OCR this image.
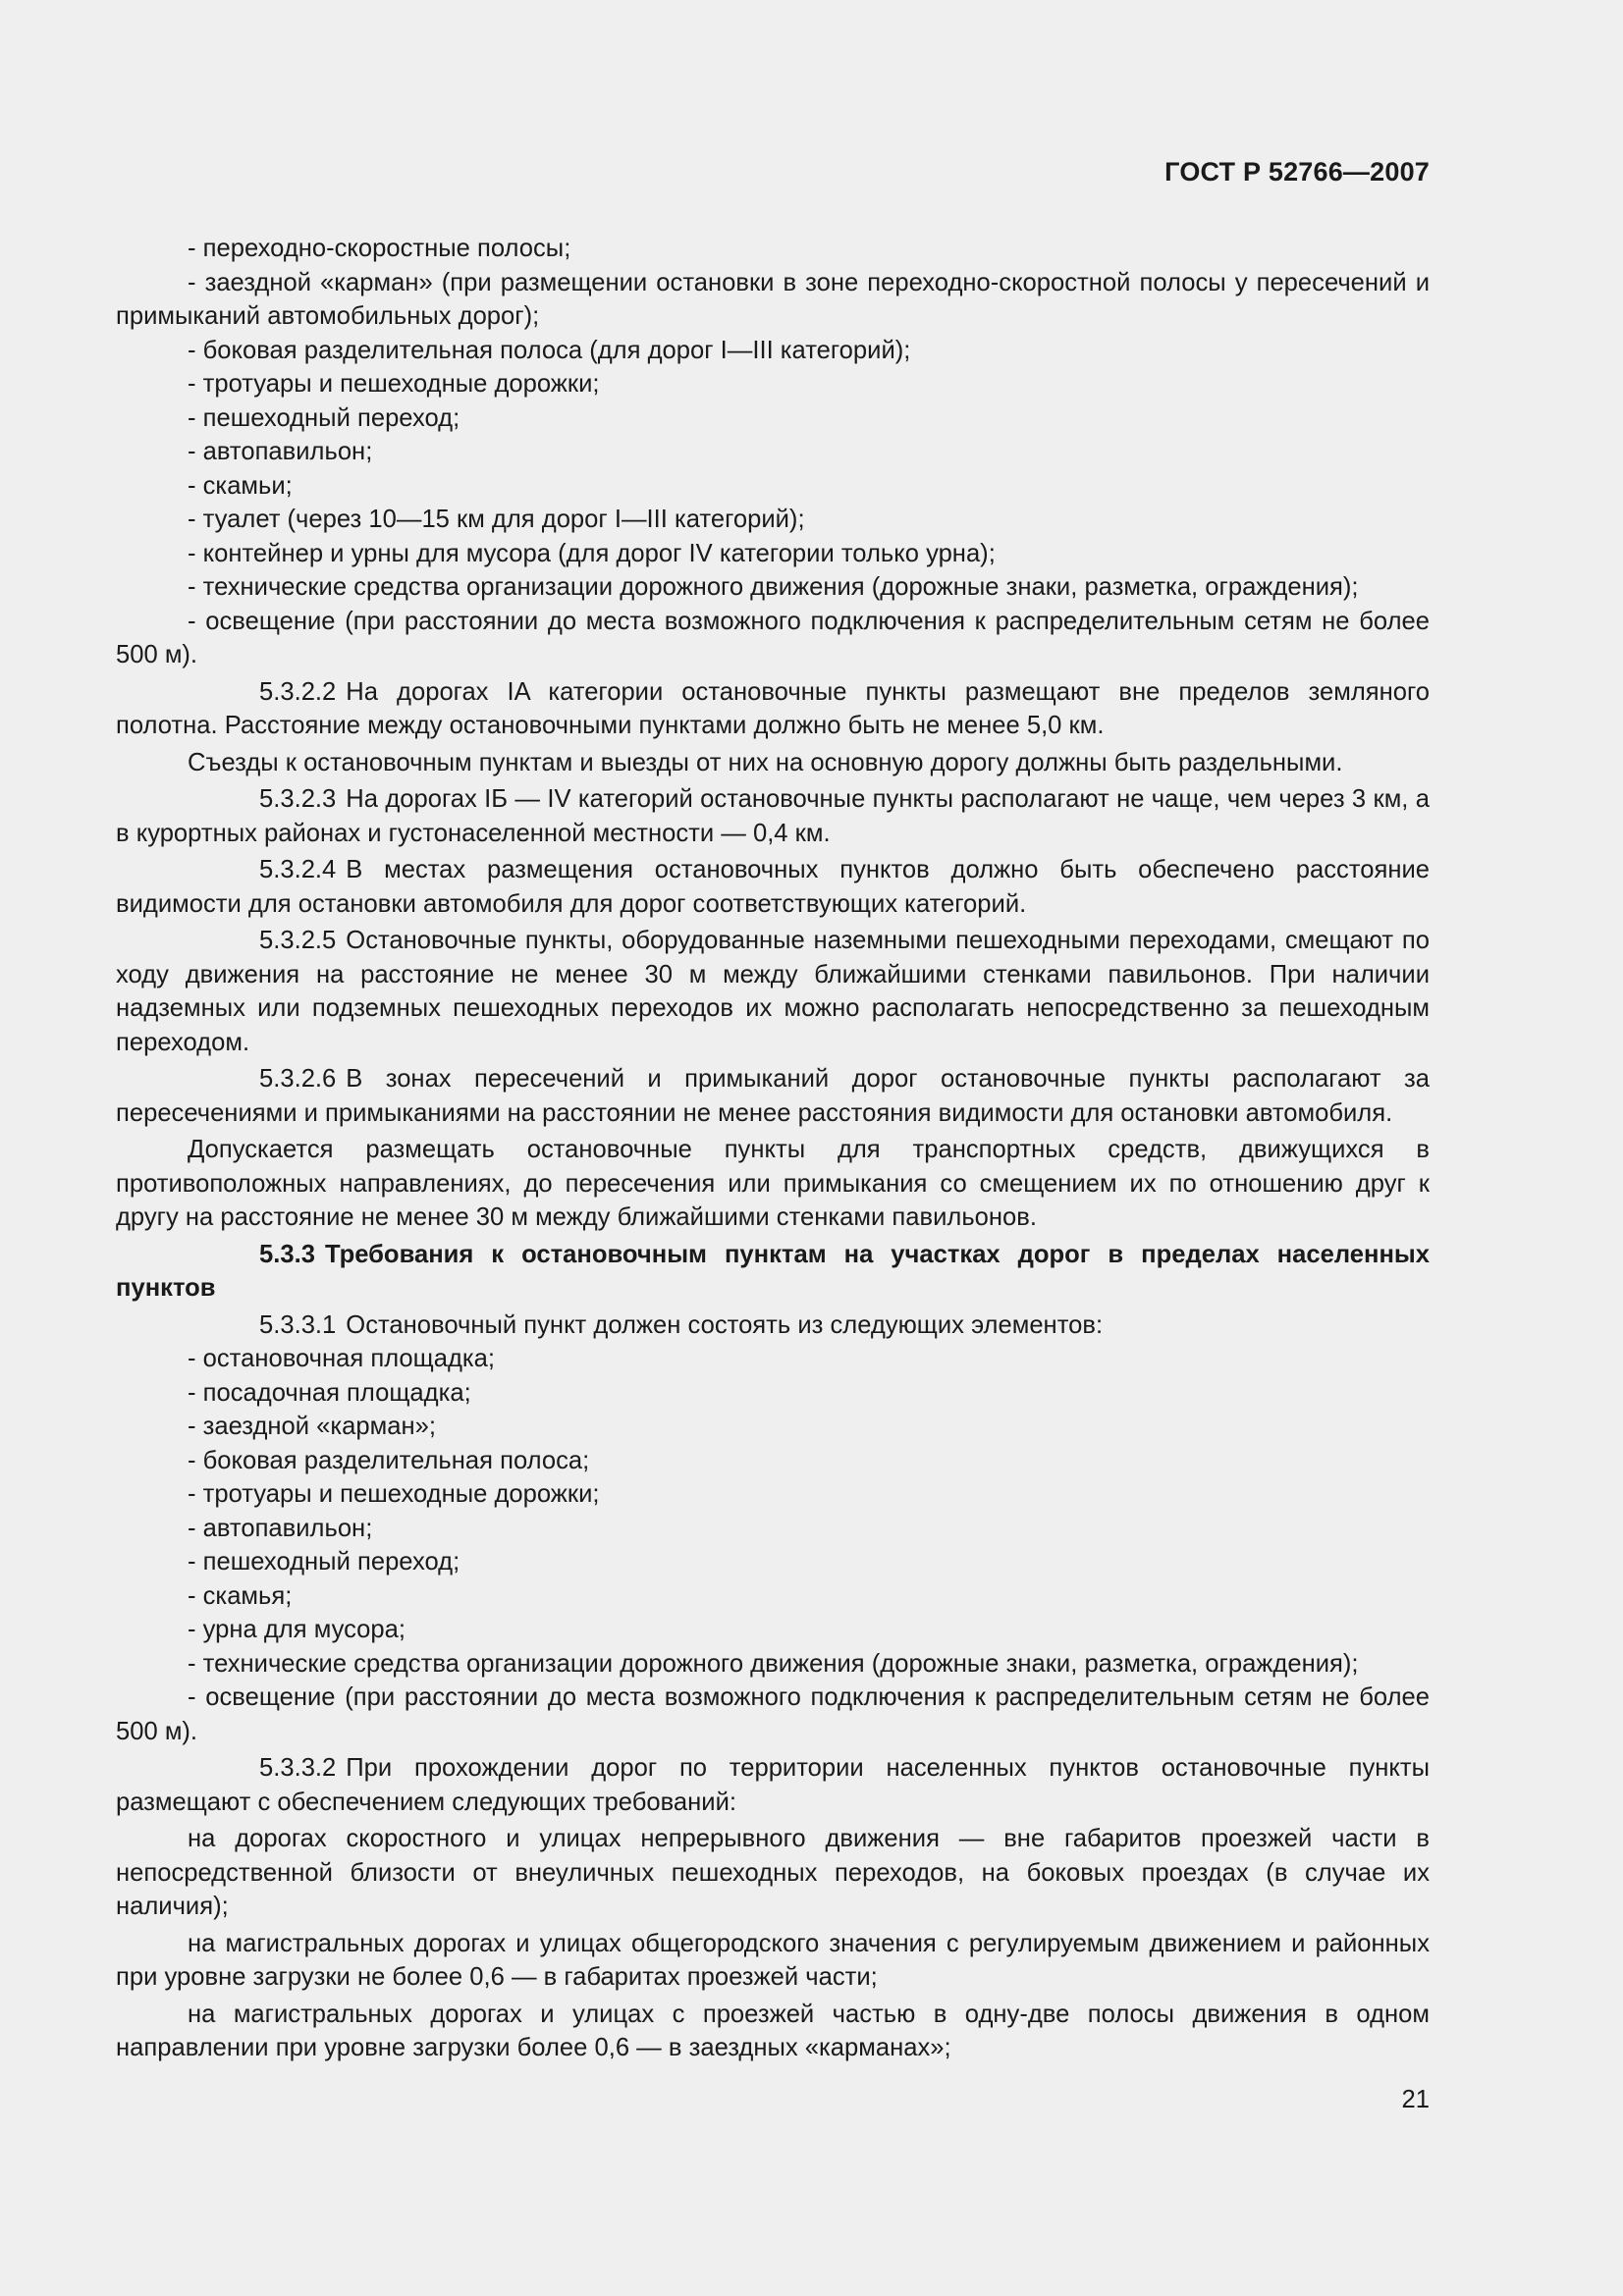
ГОСТ Р 52766—2007

- переходно-скоростные полосы;

- заездной «карман» (при размещении остановки в зоне переходно-скоростной полосы у пересечений и примыканий автомобильных дорог);

- боковая разделительная полоса (для дорог I—III категорий);

- тротуары и пешеходные дорожки;

- пешеходный переход;

- автопавильон;

- скамьи;

- туалет (через 10—15 км для дорог I—III категорий);

- контейнер и урны для мусора (для дорог IV категории только урна);

- технические средства организации дорожного движения (дорожные знаки, разметка, ограждения);

- освещение (при расстоянии до места возможного подключения к распределительным сетям не более 500 м).

5.3.2.2 На дорогах IA категории остановочные пункты размещают вне пределов земляного полотна. Расстояние между остановочными пунктами должно быть не менее 5,0 км.

Съезды к остановочным пунктам и выезды от них на основную дорогу должны быть раздельными.

5.3.2.3 На дорогах IБ — IV категорий остановочные пункты располагают не чаще, чем через 3 км, а в курортных районах и густонаселенной местности — 0,4 км.

5.3.2.4 В местах размещения остановочных пунктов должно быть обеспечено расстояние видимости для остановки автомобиля для дорог соответствующих категорий.

5.3.2.5 Остановочные пункты, оборудованные наземными пешеходными переходами, смещают по ходу движения на расстояние не менее 30 м между ближайшими стенками павильонов. При наличии надземных или подземных пешеходных переходов их можно располагать непосредственно за пешеходным переходом.

5.3.2.6 В зонах пересечений и примыканий дорог остановочные пункты располагают за пересечениями и примыканиями на расстоянии не менее расстояния видимости для остановки автомобиля.

Допускается размещать остановочные пункты для транспортных средств, движущихся в противоположных направлениях, до пересечения или примыкания со смещением их по отношению друг к другу на расстояние не менее 30 м между ближайшими стенками павильонов.

5.3.3 Требования к остановочным пунктам на участках дорог в пределах населенных пунктов

5.3.3.1 Остановочный пункт должен состоять из следующих элементов:

- остановочная площадка;

- посадочная площадка;

- заездной «карман»;

- боковая разделительная полоса;

- тротуары и пешеходные дорожки;

- автопавильон;

- пешеходный переход;

- скамья;

- урна для мусора;

- технические средства организации дорожного движения (дорожные знаки, разметка, ограждения);

- освещение (при расстоянии до места возможного подключения к распределительным сетям не более 500 м).

5.3.3.2 При прохождении дорог по территории населенных пунктов остановочные пункты размещают с обеспечением следующих требований:

на дорогах скоростного и улицах непрерывного движения — вне габаритов проезжей части в непосредственной близости от внеуличных пешеходных переходов, на боковых проездах (в случае их наличия);

на магистральных дорогах и улицах общегородского значения с регулируемым движением и районных при уровне загрузки не более 0,6 — в габаритах проезжей части;

на магистральных дорогах и улицах с проезжей частью в одну-две полосы движения в одном направлении при уровне загрузки более 0,6 — в заездных «карманах»;

21
